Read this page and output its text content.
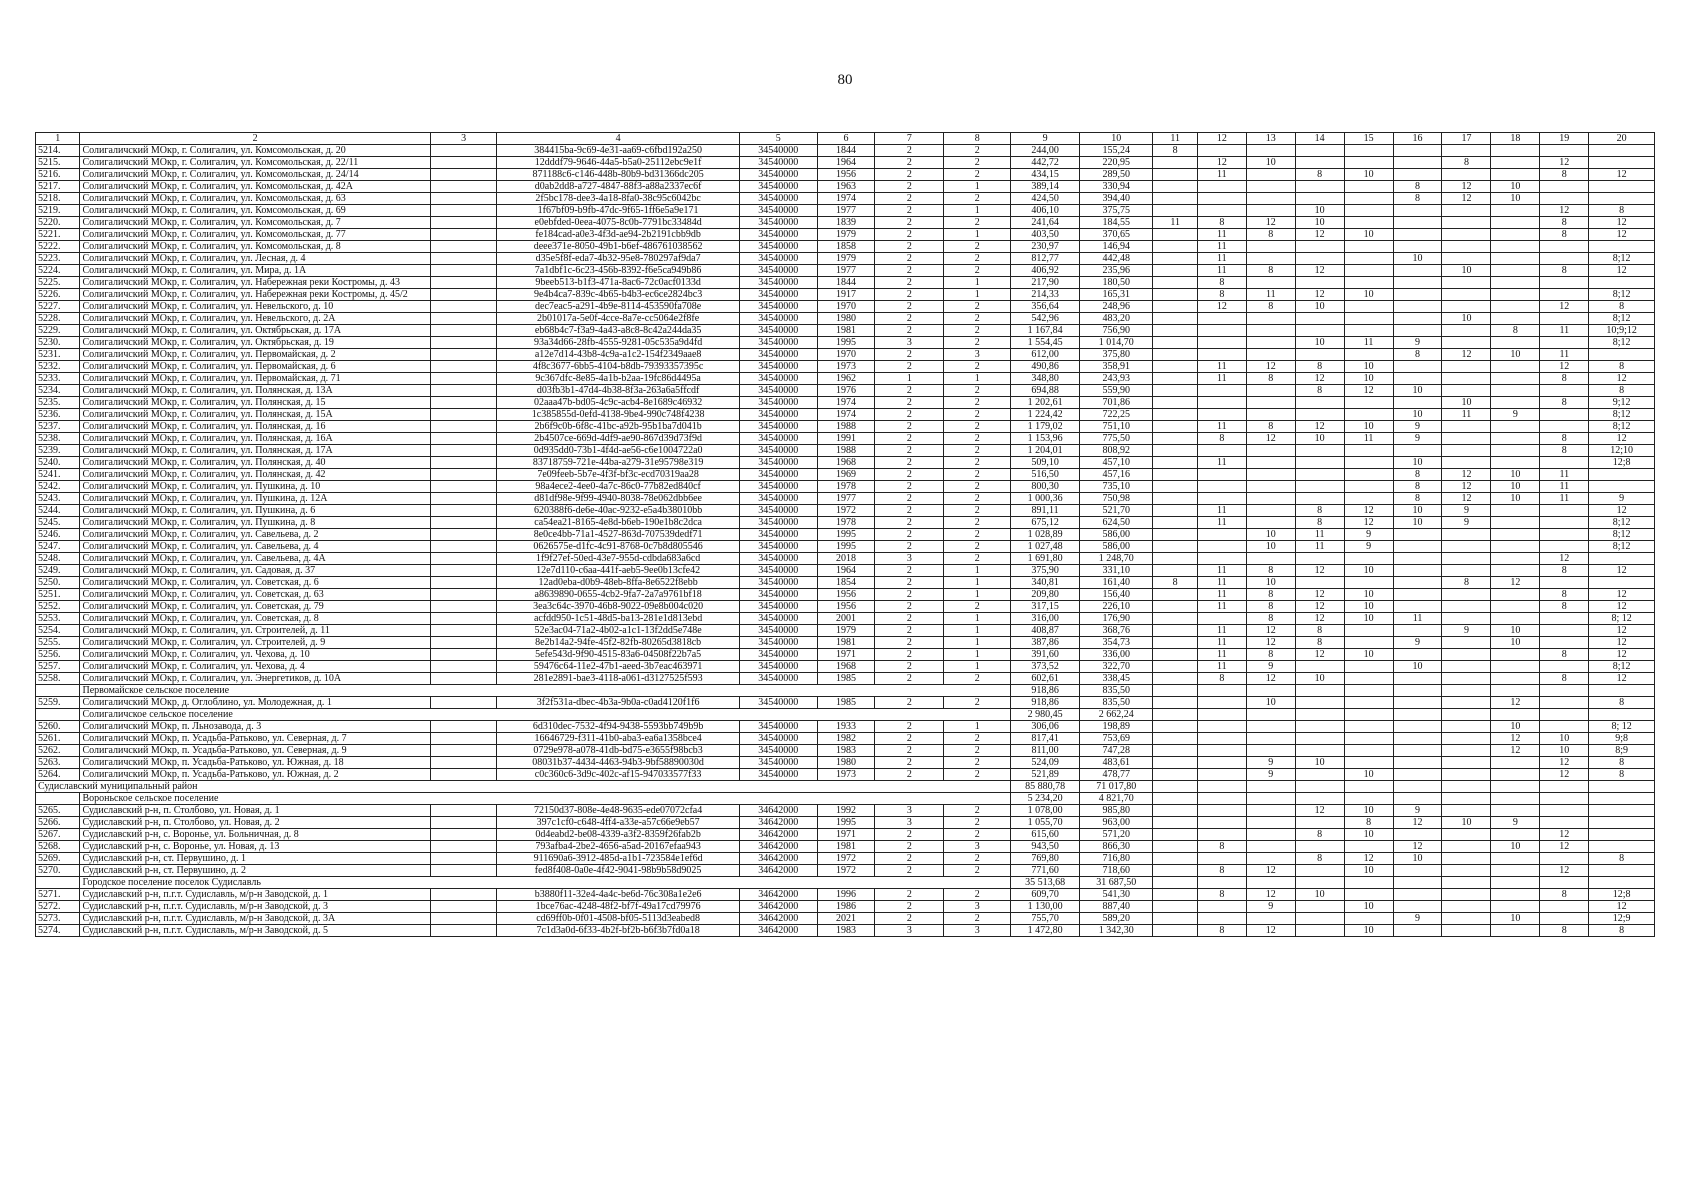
80
1	2	3	4	5	6	7	8	9	10	11	12	13	14	15	16	17	18	19	20
5214.	Солигаличский МОкр, г. Солигалич, ул. Комсомольская, д. 20		384415ba-9c69-4e31-aa69-c6fbd192a250	34540000	1844	2	2	244,00	155,24	8									
5215.	Солигаличский МОкр, г. Солигалич, ул. Комсомольская, д. 22/11		12dddf79-9646-44a5-b5a0-25112ebc9e1f	34540000	1964	2	2	442,72	220,95		12	10				8		12	
5216.	Солигаличский МОкр, г. Солигалич, ул. Комсомольская, д. 24/14		871188c6-c146-448b-80b9-bd31366dc205	34540000	1956	2	2	434,15	289,50		11		8	10				8	12
5217.	Солигаличский МОкр, г. Солигалич, ул. Комсомольская, д. 42А		d0ab2dd8-a727-4847-88f3-a88a2337ec6f	34540000	1963	2	1	389,14	330,94						8	12	10		
5218.	Солигаличский МОкр, г. Солигалич, ул. Комсомольская, д. 63		2f5bc178-dee3-4a18-8fa0-38c95c6042bc	34540000	1974	2	2	424,50	394,40						8	12	10		
5219.	Солигаличский МОкр, г. Солигалич, ул. Комсомольская, д. 69		1f67bf09-b9fb-47dc-9f65-1ff6e5a9e171	34540000	1977	2	1	406,10	375,75				10					12	8
5220.	Солигаличский МОкр, г. Солигалич, ул. Комсомольская, д. 7		e0ebfded-0eea-4075-8c0b-7791bc33484d	34540000	1839	2	2	241,64	184,55	11	8	12	10					8	12
5221.	Солигаличский МОкр, г. Солигалич, ул. Комсомольская, д. 77		fe184cad-a0e3-4f3d-ae94-2b2191cbb9db	34540000	1979	2	1	403,50	370,65		11	8	12	10				8	12
5222.	Солигаличский МОкр, г. Солигалич, ул. Комсомольская, д. 8		deee371e-8050-49b1-b6ef-486761038562	34540000	1858	2	2	230,97	146,94		11								
5223.	Солигаличский МОкр, г. Солигалич, ул. Лесная, д. 4		d35e5f8f-eda7-4b32-95e8-780297af9da7	34540000	1979	2	2	812,77	442,48		11				10				8;12
5224.	Солигаличский МОкр, г. Солигалич, ул. Мира, д. 1А		7a1dbf1c-6c23-456b-8392-f6e5ca949b86	34540000	1977	2	2	406,92	235,96		11	8	12			10		8	12
5225.	Солигаличский МОкр, г. Солигалич, ул. Набережная реки Костромы, д. 43		9beeb513-b1f3-471a-8ac6-72c0acf0133d	34540000	1844	2	1	217,90	180,50		8								
5226.	Солигаличский МОкр, г. Солигалич, ул. Набережная реки Костромы, д. 45/2		9e4b4ca7-839c-4b65-b4b3-ec6ce2824bc3	34540000	1917	2	1	214,33	165,31		8	11	12	10					8;12
5227.	Солигаличский МОкр, г. Солигалич, ул. Невельского, д. 10		dec7eac5-a291-4b9e-8114-453590fa708e	34540000	1970	2	2	356,64	248,96		12	8	10					12	8
5228.	Солигаличский МОкр, г. Солигалич, ул. Невельского, д. 2А		2b01017a-5e0f-4cce-8a7e-cc5064e2f8fe	34540000	1980	2	2	542,96	483,20							10			8;12
5229.	Солигаличский МОкр, г. Солигалич, ул. Октябрьская, д. 17А		eb68b4c7-f3a9-4a43-a8c8-8c42a244da35	34540000	1981	2	2	1 167,84	756,90								8	11	10;9;12
5230.	Солигаличский МОкр, г. Солигалич, ул. Октябрьская, д. 19		93a34d66-28fb-4555-9281-05c535a9d4fd	34540000	1995	3	2	1 554,45	1 014,70				10	11	9				8;12
5231.	Солигаличский МОкр, г. Солигалич, ул. Первомайская, д. 2		a12e7d14-43b8-4c9a-a1c2-154f2349aae8	34540000	1970	2	3	612,00	375,80						8	12	10	11	
5232.	Солигаличский МОкр, г. Солигалич, ул. Первомайская, д. 6		4f8c3677-6bb5-4104-b8db-79393357395c	34540000	1973	2	2	490,86	358,91		11	12	8	10				12	8
5233.	Солигаличский МОкр, г. Солигалич, ул. Первомайская, д. 71		9c367dfc-8e85-4a1b-b2aa-19fc86d4495a	34540000	1962	1	1	348,80	243,93		11	8	12	10				8	12
5234.	Солигаличский МОкр, г. Солигалич, ул. Полянская, д. 13А		d03fb3b1-47d4-4b38-8f3a-263a6a5ffcdf	34540000	1976	2	2	694,88	559,90				8	12	10				8
5235.	Солигаличский МОкр, г. Солигалич, ул. Полянская, д. 15		02aaa47b-bd05-4c9c-acb4-8e1689c46932	34540000	1974	2	2	1 202,61	701,86							10		8	9;12
5236.	Солигаличский МОкр, г. Солигалич, ул. Полянская, д. 15А		1c385855d-0efd-4138-9be4-990c748f4238	34540000	1974	2	2	1 224,42	722,25						10	11	9		8;12
5237.	Солигаличский МОкр, г. Солигалич, ул. Полянская, д. 16		2b6f9c0b-6f8c-41bc-a92b-95b1ba7d041b	34540000	1988	2	2	1 179,02	751,10		11	8	12	10	9				8;12
5238.	Солигаличский МОкр, г. Солигалич, ул. Полянская, д. 16А		2b4507ce-669d-4df9-ae90-867d39d73f9d	34540000	1991	2	2	1 153,96	775,50		8	12	10	11	9			8	12
5239.	Солигаличский МОкр, г. Солигалич, ул. Полянская, д. 17А		0d935dd0-73b1-4f4d-ae56-c6e1004722a0	34540000	1988	2	2	1 204,01	808,92									8	12;10
5240.	Солигаличский МОкр, г. Солигалич, ул. Полянская, д. 40		83718759-721e-44ba-a279-31e95798e319	34540000	1968	2	2	509,10	457,10		11				10				12;8
5241.	Солигаличский МОкр, г. Солигалич, ул. Полянская, д. 42		7e09feeb-5b7e-4f3f-bf3c-ecd70319aa28	34540000	1969	2	2	516,50	457,16						8	12	10	11	
5242.	Солигаличский МОкр, г. Солигалич, ул. Пушкина, д. 10		98a4ece2-4ee0-4a7c-86c0-77b82ed840cf	34540000	1978	2	2	800,30	735,10						8	12	10	11	
5243.	Солигаличский МОкр, г. Солигалич, ул. Пушкина, д. 12А		d81df98e-9f99-4940-8038-78e062dbb6ee	34540000	1977	2	2	1 000,36	750,98						8	12	10	11	9
5244.	Солигаличский МОкр, г. Солигалич, ул. Пушкина, д. 6		620388f6-de6e-40ac-9232-e5a4b38010bb	34540000	1972	2	2	891,11	521,70		11		8	12	10	9			12
5245.	Солигаличский МОкр, г. Солигалич, ул. Пушкина, д. 8		ca54ea21-8165-4e8d-b6eb-190e1b8c2dca	34540000	1978	2	2	675,12	624,50		11		8	12	10	9			8;12
5246.	Солигаличский МОкр, г. Солигалич, ул. Савельева, д. 2		8e0ce4bb-71a1-4527-863d-707539dedf71	34540000	1995	2	2	1 028,89	586,00			10	11	9					8;12
5247.	Солигаличский МОкр, г. Солигалич, ул. Савельева, д. 4		0626575e-d1fc-4c91-8768-0c7b8d805546	34540000	1995	2	2	1 027,48	586,00			10	11	9					8;12
5248.	Солигаличский МОкр, г. Солигалич, ул. Савельева, д. 4А		1f9f27ef-50ed-43e7-955d-cdbda683a6cd	34540000	2018	3	2	1 691,80	1 248,70									12	
5249.	Солигаличский МОкр, г. Солигалич, ул. Садовая, д. 37		12e7d110-c6aa-441f-aeb5-9ee0b13cfe42	34540000	1964	2	1	375,90	331,10		11	8	12	10				8	12
5250.	Солигаличский МОкр, г. Солигалич, ул. Советская, д. 6		12ad0eba-d0b9-48eb-8ffa-8e6522f8ebb	34540000	1854	2	1	340,81	161,40	8	11	10				8	12		
5251.	Солигаличский МОкр, г. Солигалич, ул. Советская, д. 63		a8639890-0655-4cb2-9fa7-2a7a9761bf18	34540000	1956	2	1	209,80	156,40		11	8	12	10				8	12
5252.	Солигаличский МОкр, г. Солигалич, ул. Советская, д. 79		3ea3c64c-3970-46b8-9022-09e8b004c020	34540000	1956	2	2	317,15	226,10		11	8	12	10				8	12
5253.	Солигаличский МОкр, г. Солигалич, ул. Советская, д. 8		acfdd950-1c51-48d5-ba13-281e1d813ebd	34540000	2001	2	1	316,00	176,90			8	12	10	11				8; 12
5254.	Солигаличский МОкр, г. Солигалич, ул. Строителей, д. 11		52e3ac04-71a2-4b02-a1c1-13f2dd5e748e	34540000	1979	2	1	408,87	368,76		11	12	8			9	10		12
5255.	Солигаличский МОкр, г. Солигалич, ул. Строителей, д. 9		8e2b14a2-94fe-45f2-82fb-80265d3818cb	34540000	1981	2	1	387,86	354,73		11	12	8		9		10		12
5256.	Солигаличский МОкр, г. Солигалич, ул. Чехова, д. 10		5efe543d-9f90-4515-83a6-04508f22b7a5	34540000	1971	2	1	391,60	336,00		11	8	12	10				8	12
5257.	Солигаличский МОкр, г. Солигалич, ул. Чехова, д. 4		59476c64-11e2-47b1-aeed-3b7eac463971	34540000	1968	2	1	373,52	322,70		11	9			10				8;12
5258.	Солигаличский МОкр, г. Солигалич, ул. Энергетиков, д. 10А		281e2891-bae3-4118-a061-d3127525f593	34540000	1985	2	2	602,61	338,45		8	12	10					8	12
	Первомайское сельское поселение							918,86	835,50										
5259.	Солигаличский МОкр, д. Оглоблино, ул. Молодежная, д. 1		3f2f531a-dbec-4b3a-9b0a-c0ad4120f1f6	34540000	1985	2	2	918,86	835,50			10					12		8
	Солигаличское сельское поселение							2 980,45	2 662,24										
5260.	Солигаличский МОкр, п. Льнозавода, д. 3		6d310dec-7532-4f94-9438-5593bb749b9b	34540000	1933	2	1	306,06	198,89								10		8; 12
5261.	Солигаличский МОкр, п. Усадьба-Ратьково, ул. Северная, д. 7		16646729-f311-41b0-aba3-ea6a1358bce4	34540000	1982	2	2	817,41	753,69								12	10	9;8
5262.	Солигаличский МОкр, п. Усадьба-Ратьково, ул. Северная, д. 9		0729e978-a078-41db-bd75-e3655f98bcb3	34540000	1983	2	2	811,00	747,28								12	10	8;9
5263.	Солигаличский МОкр, п. Усадьба-Ратьково, ул. Южная, д. 18		08031b37-4434-4463-94b3-9bf58890030d	34540000	1980	2	2	524,09	483,61			9	10					12	8
5264.	Солигаличский МОкр, п. Усадьба-Ратьково, ул. Южная, д. 2		c0c360c6-3d9c-402c-af15-947033577f33	34540000	1973	2	2	521,89	478,77			9		10				12	8
Судиславский муниципальный район								85 880,78	71 017,80										
	Вороньское сельское поселение							5 234,20	4 821,70										
5265.	Судиславский р-н, п. Столбово, ул. Новая, д. 1		72150d37-808e-4e48-9635-ede07072cfa4	34642000	1992	3	2	1 078,00	985,80				12	10	9				
5266.	Судиславский р-н, п. Столбово, ул. Новая, д. 2		397c1cf0-c648-4ff4-a33e-a57c66e9eb57	34642000	1995	3	2	1 055,70	963,00					8	12	10	9		
5267.	Судиславский р-н, с. Воронье, ул. Больничная, д. 8		0d4eabd2-be08-4339-a3f2-8359f26fab2b	34642000	1971	2	2	615,60	571,20				8	10				12	
5268.	Судиславский р-н, с. Воронье, ул. Новая, д. 13		793afba4-2be2-4656-a5ad-20167efaa943	34642000	1981	2	3	943,50	866,30		8				12		10	12	
5269.	Судиславский р-н, ст. Первушино, д. 1		911690a6-3912-485d-a1b1-723584e1ef6d	34642000	1972	2	2	769,80	716,80				8	12	10				8
5270.	Судиславский р-н, ст. Первушино, д. 2		fed8f408-0a0e-4f42-9041-98b9b58d9025	34642000	1972	2	2	771,60	718,60		8	12		10				12	
	Городское поселение поселок Судиславль							35 513,68	31 687,50										
5271.	Судиславский р-н, п.г.т. Судиславль, м/р-н Заводской, д. 1		b3880f11-32e4-4a4c-be6d-76c308a1e2e6	34642000	1996	2	2	609,70	541,30		8	12	10					8	12;8
5272.	Судиславский р-н, п.г.т. Судиславль, м/р-н Заводской, д. 3		1bce76ac-4248-48f2-bf7f-49a17cd79976	34642000	1986	2	3	1 130,00	887,40			9		10					12
5273.	Судиславский р-н, п.г.т. Судиславль, м/р-н Заводской, д. 3А		cd69ff0b-0f01-4508-bf05-5113d3eabed8	34642000	2021	2	2	755,70	589,20						9		10		12;9
5274.	Судиславский р-н, п.г.т. Судиславль, м/р-н Заводской, д. 5		7c1d3a0d-6f33-4b2f-bf2b-b6f3b7fd0a18	34642000	1983	3	3	1 472,80	1 342,30		8	12		10				8	8
